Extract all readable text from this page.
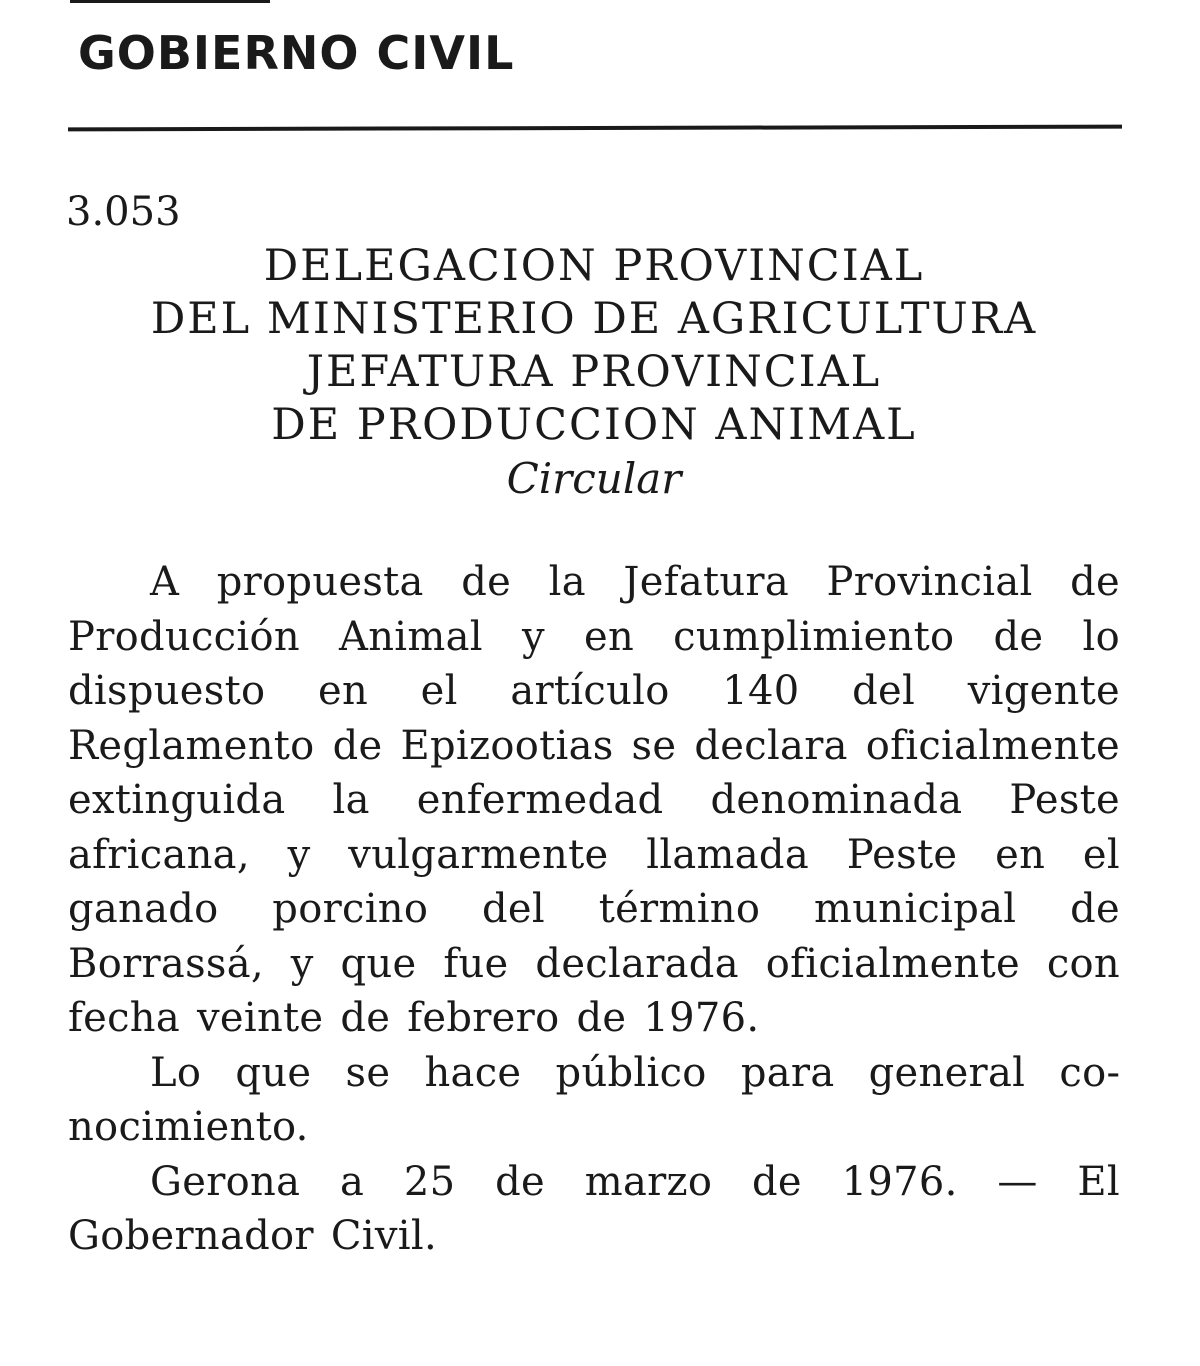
GOBIERNO CIVIL
3.053
DELEGACION PROVINCIAL
DEL MINISTERIO DE AGRICULTURA
JEFATURA PROVINCIAL
DE PRODUCCION ANIMAL
Circular

A propuesta de la Jefatura Provincial de Producción Animal y en cumplimiento de lo dispuesto en el artículo 140 del vigente Reglamento de Epizootias se declara oficialmente extinguida la enfermedad denominada Peste africana, y vulgarmente llamada Peste en el ganado porcino del término municipal de Borrassá, y que fue declarada oficialmente con fecha veinte de febrero de 1976.

Lo que se hace público para general conocimiento.

Gerona a 25 de marzo de 1976. — El Gobernador Civil.
